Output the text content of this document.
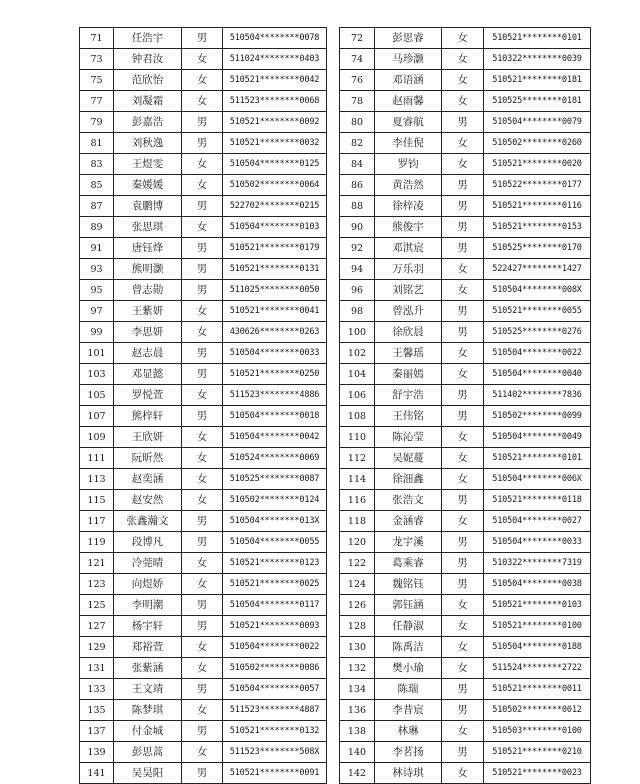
71	任浩宇	男	510504********0078		72	彭思睿	女	510521********0101
73	钟君汝	女	511024********0403		74	马珍灏	女	510322********0039
75	范欣怡	女	510521********0042		76	邓语涵	女	510521********0181
77	刘凝霜	女	511523********0068		78	赵雨馨	女	510525********0181
79	彭嘉浩	男	510521********0092		80	夏睿航	男	510504********0079
81	刘秋逸	男	510521********0032		82	李佳倪	女	510502********0260
83	王煜雯	女	510504********0125		84	罗钧	女	510521********0020
85	秦媛媛	女	510502********0064		86	黄浩然	男	510522********0177
87	袁鹏博	男	522702********0215		88	徐梓凌	男	510521********0116
89	张思琪	女	510504********0103		90	熊俊宇	男	510521********0153
91	唐钰烽	男	510521********0179		92	邓淇宸	男	510525********0170
93	熊明灏	男	510521********0131		94	万乐羽	女	522427********1427
95	曾志勋	男	511025********0050		96	刘铭艺	女	510504********008X
97	王紫妍	女	510521********0041		98	曾泓升	男	510521********0055
99	李思妍	女	430626********0263		100	徐欣晨	男	510525********0276
101	赵志晨	男	510504********0033		102	王馨瑶	女	510504********0022
103	邓显懿	男	510521********0250		104	秦丽嫣	女	510504********0040
105	罗悦萱	女	511523********4886		106	舒宇浩	男	511402********7836
107	熊梓轩	男	510504********0018		108	王伟铭	男	510502********0099
109	王欣妍	女	510504********0042		110	陈沁莹	女	510504********0049
111	阮昕然	女	510524********0069		112	吴妮蔓	女	510521********0101
113	赵奕涵	女	510525********0087		114	徐沺鑫	女	510504********006X
115	赵安然	女	510502********0124		116	张浩文	男	510521********0118
117	张鑫瀚文	男	510504********013X		118	金涵睿	女	510504********0027
119	段博凡	男	510504********0055		120	龙宇溪	男	510504********0033
121	冷莞晴	女	510521********0123		122	葛乘睿	男	510322********7319
123	向煜娇	女	510521********0025		124	魏铭钰	男	510504********0038
125	李明潮	男	510504********0117		126	郭钰涵	女	510521********0103
127	杨宇轩	男	510521********0093		128	任静淑	女	510521********0100
129	郑裕萱	女	510504********0022		130	陈禹洁	女	510504********0188
131	张紫涵	女	510502********0086		132	樊小瑜	女	511524********2722
133	王文靖	男	510504********0057		134	陈瑞	男	510521********0011
135	陈梦琪	女	511523********4887		136	李昔宸	男	510502********0012
137	付金城	男	510521********0132		138	林琳	女	510503********0100
139	彭思蒿	女	511523********508X		140	李茗扬	男	510521********0210
141	吴昊阳	男	510521********0091		142	林诗琪	女	510521********0023
